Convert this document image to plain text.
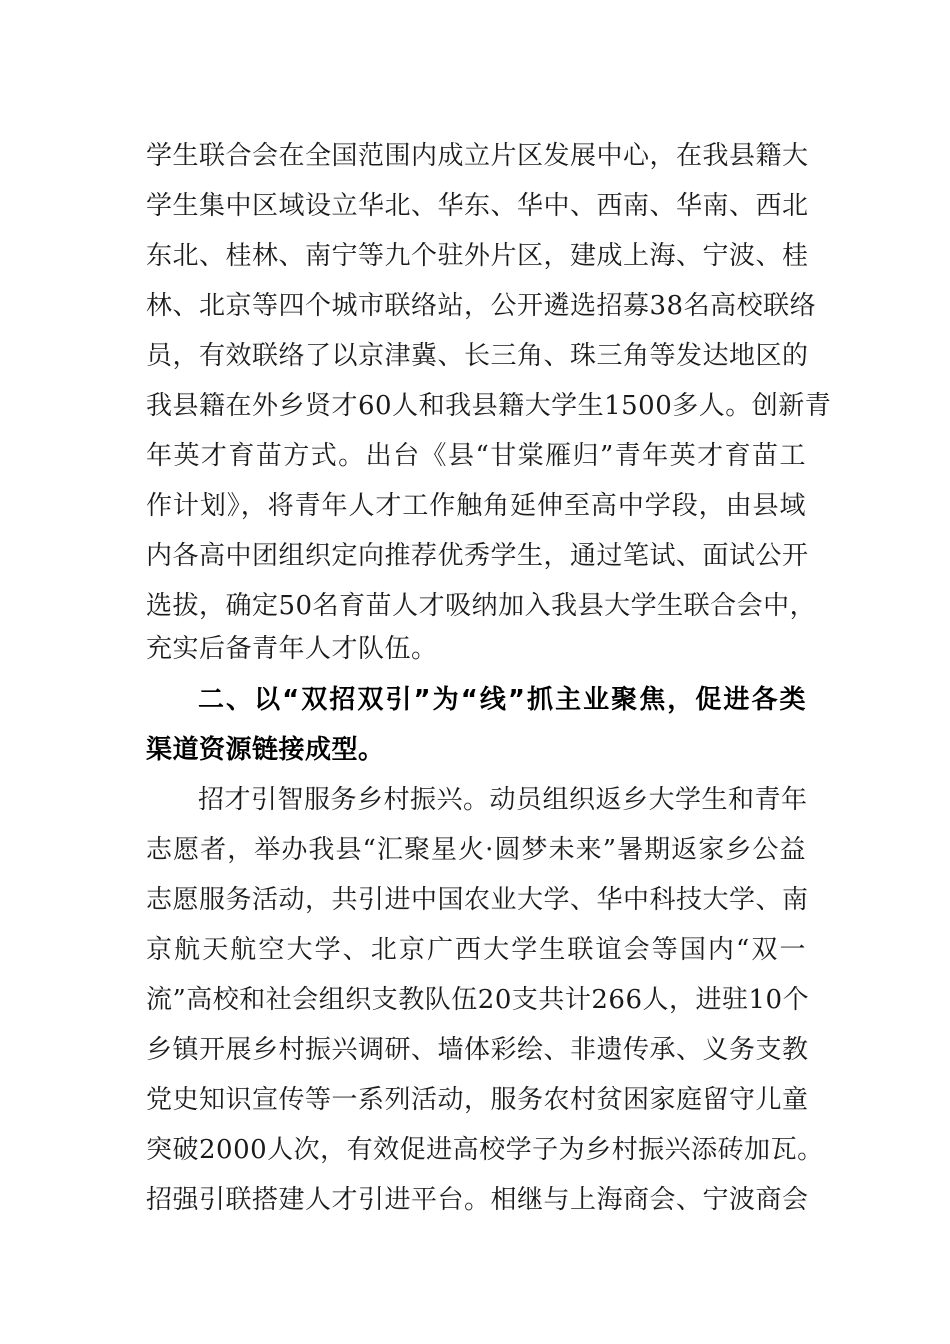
学生联合会在全国范围内成立片区发展中心，在我县籍大
学生集中区域设立华北、华东、华中、西南、华南、西北
东北、桂林、南宁等九个驻外片区，建成上海、宁波、桂
林、北京等四个城市联络站，公开遴选招募38名高校联络
员，有效联络了以京津冀、长三角、珠三角等发达地区的
我县籍在外乡贤才60人和我县籍大学生1500多人。创新青
年英才育苗方式。出台《县“甘棠雁归”青年英才育苗工
作计划》，将青年人才工作触角延伸至高中学段，由县域
内各高中团组织定向推荐优秀学生，通过笔试、面试公开
选拔，确定50名育苗人才吸纳加入我县大学生联合会中，
充实后备青年人才队伍。
二、以“双招双引”为“线”抓主业聚焦，促进各类
渠道资源链接成型。
招才引智服务乡村振兴。动员组织返乡大学生和青年
志愿者，举办我县“汇聚星火·圆梦未来”暑期返家乡公益
志愿服务活动，共引进中国农业大学、华中科技大学、南
京航天航空大学、北京广西大学生联谊会等国内“双一
流”高校和社会组织支教队伍20支共计266人，进驻10个
乡镇开展乡村振兴调研、墙体彩绘、非遗传承、义务支教
党史知识宣传等一系列活动，服务农村贫困家庭留守儿童
突破2000人次，有效促进高校学子为乡村振兴添砖加瓦。
招强引联搭建人才引进平台。相继与上海商会、宁波商会
